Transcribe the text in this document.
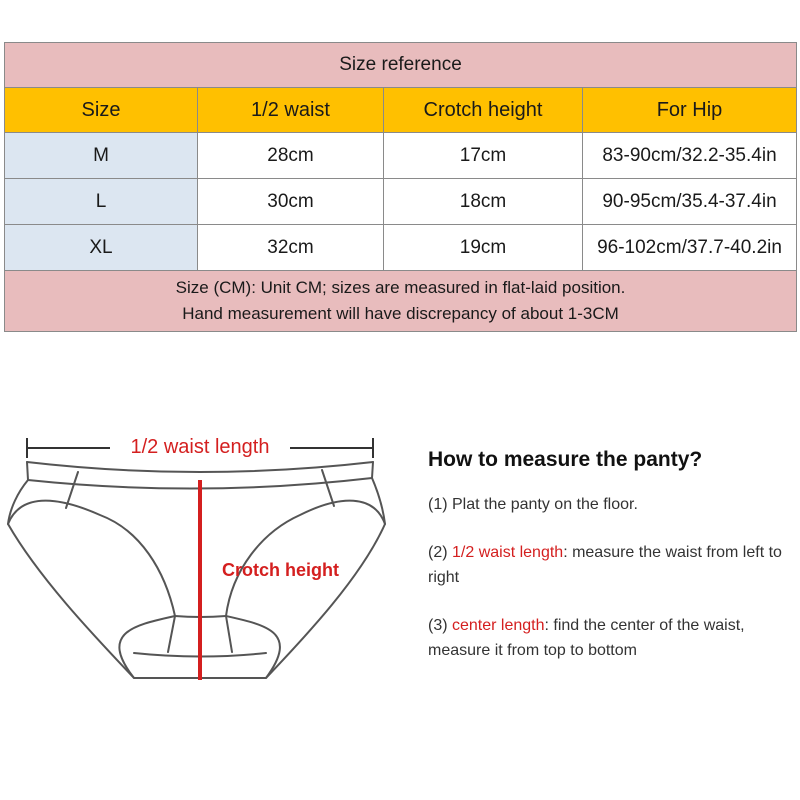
Size reference			
Size	1/2 waist	Crotch height	For Hip
M	28cm	17cm	83-90cm/32.2-35.4in
L	30cm	18cm	90-95cm/35.4-37.4in
XL	32cm	19cm	96-102cm/37.7-40.2in

Size (CM): Unit CM; sizes are measured in flat-laid position.
Hand measurement will have discrepancy of about 1-3CM			
1/2 waist length
Crotch height
How to measure the panty?

(1) Plat the panty on the floor.

(2) 1/2 waist length: measure the waist from left to right

(3) center length: find the center of the waist, measure it from top to bottom
